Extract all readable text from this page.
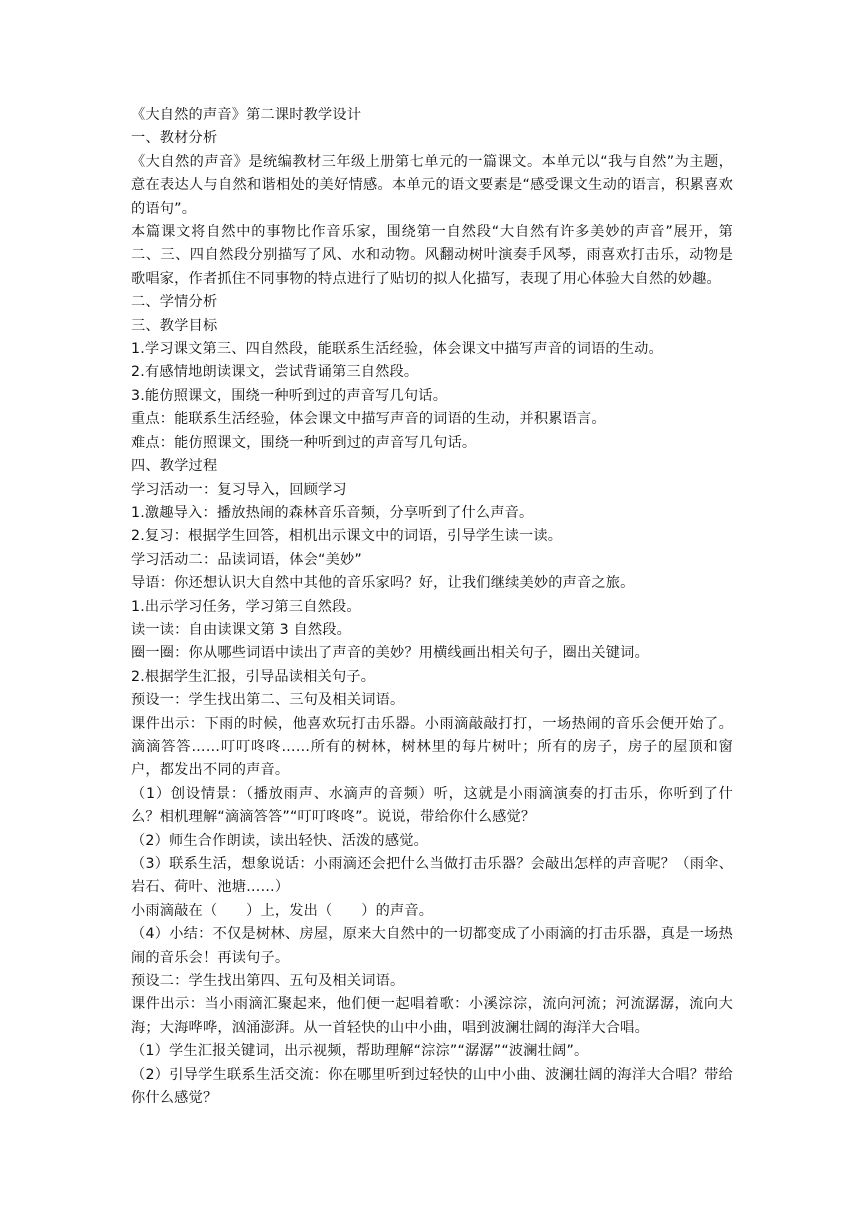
《大自然的声音》第二课时教学设计

一、教材分析

《大自然的声音》是统编教材三年级上册第七单元的一篇课文。本单元以“我与自然”为主题，意在表达人与自然和谐相处的美好情感。本单元的语文要素是“感受课文生动的语言，积累喜欢的语句”。

本篇课文将自然中的事物比作音乐家，围绕第一自然段“大自然有许多美妙的声音”展开，第二、三、四自然段分别描写了风、水和动物。风翻动树叶演奏手风琴，雨喜欢打击乐，动物是歌唱家，作者抓住不同事物的特点进行了贴切的拟人化描写，表现了用心体验大自然的妙趣。

二、学情分析

三、教学目标

1.学习课文第三、四自然段，能联系生活经验，体会课文中描写声音的词语的生动。

2.有感情地朗读课文，尝试背诵第三自然段。

3.能仿照课文，围绕一种听到过的声音写几句话。

重点：能联系生活经验，体会课文中描写声音的词语的生动，并积累语言。

难点：能仿照课文，围绕一种听到过的声音写几句话。

四、教学过程

学习活动一：复习导入，回顾学习

1.激趣导入：播放热闹的森林音乐音频，分享听到了什么声音。

2.复习：根据学生回答，相机出示课文中的词语，引导学生读一读。

学习活动二：品读词语，体会“美妙”

导语：你还想认识大自然中其他的音乐家吗？好，让我们继续美妙的声音之旅。

1.出示学习任务，学习第三自然段。

读一读：自由读课文第 3 自然段。

圈一圈：你从哪些词语中读出了声音的美妙？用横线画出相关句子，圈出关键词。

2.根据学生汇报，引导品读相关句子。

预设一：学生找出第二、三句及相关词语。

课件出示：下雨的时候，他喜欢玩打击乐器。小雨滴敲敲打打，一场热闹的音乐会便开始了。滴滴答答……叮叮咚咚……所有的树林，树林里的每片树叶；所有的房子，房子的屋顶和窗户，都发出不同的声音。

（1）创设情景：（播放雨声、水滴声的音频）听，这就是小雨滴演奏的打击乐，你听到了什么？相机理解“滴滴答答”“叮叮咚咚”。说说，带给你什么感觉？

（2）师生合作朗读，读出轻快、活泼的感觉。

（3）联系生活，想象说话：小雨滴还会把什么当做打击乐器？会敲出怎样的声音呢？（雨伞、岩石、荷叶、池塘……）

小雨滴敲在（　　）上，发出（　　）的声音。

（4）小结：不仅是树林、房屋，原来大自然中的一切都变成了小雨滴的打击乐器，真是一场热闹的音乐会！再读句子。

预设二：学生找出第四、五句及相关词语。

课件出示：当小雨滴汇聚起来，他们便一起唱着歌：小溪淙淙，流向河流；河流潺潺，流向大海；大海哗哗，汹涌澎湃。从一首轻快的山中小曲，唱到波澜壮阔的海洋大合唱。

（1）学生汇报关键词，出示视频，帮助理解“淙淙”“潺潺”“波澜壮阔”。

（2）引导学生联系生活交流：你在哪里听到过轻快的山中小曲、波澜壮阔的海洋大合唱？带给你什么感觉？
